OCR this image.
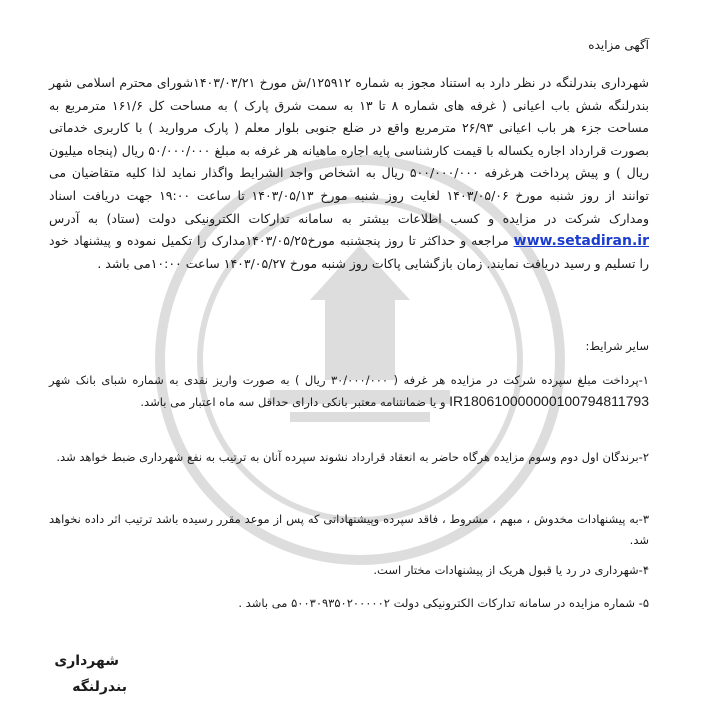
آگهی مزایده
شهرداری بندرلنگه در نظر دارد به استناد مجوز به شماره ۱۲۵۹۱۲/ش مورخ ۱۴۰۳/۰۳/۲۱شورای محترم اسلامی شهر بندرلنگه شش باب اعیانی ( غرفه های شماره ۸ تا ۱۳ به سمت شرق پارک ) به مساحت کل ۱۶۱/۶ مترمربع به مساحت جزء هر باب اعیانی ۲۶/۹۳ مترمربع واقع در ضلع جنوبی بلوار معلم ( پارک مروارید ) با کاربری خدماتی بصورت قرارداد اجاره یکساله با قیمت کارشناسی پایه اجاره ماهیانه هر غرفه به مبلغ ۵۰/۰۰۰/۰۰۰ ریال (پنجاه میلیون ریال ) و پیش پرداخت هرغرفه ۵۰۰/۰۰۰/۰۰۰ ریال به اشخاص واجد الشرایط واگذار نماید لذا کلیه متقاضیان می توانند از روز شنبه مورخ ۱۴۰۳/۰۵/۰۶ لغایت روز شنبه مورخ ۱۴۰۳/۰۵/۱۳ تا ساعت ۱۹:۰۰ جهت دریافت اسناد ومدارک شرکت در مزایده و کسب اطلاعات بیشتر به سامانه تدارکات الکترونیکی دولت (ستاد) به آدرس www.setadiran.ir مراجعه و حداکثر تا روز پنجشنبه مورخ۱۴۰۳/۰۵/۲۵مدارک را تکمیل نموده و پیشنهاد خود را تسلیم و رسید دریافت نمایند. زمان بازگشایی پاکات روز شنبه مورخ ۱۴۰۳/۰۵/۲۷ ساعت ۱۰:۰۰می باشد .
سایر شرایط:
۱-پرداخت مبلغ سپرده شرکت در مزایده هر غرفه ( ۳۰/۰۰۰/۰۰۰ ریال ) به صورت واریز نقدی به شماره شبای بانک شهر IR180610000000100794811793 و یا ضمانتنامه معتبر بانکی دارای حداقل سه ماه اعتبار می باشد.
۲-برندگان اول دوم وسوم مزایده هرگاه حاضر به انعقاد قرارداد نشوند سپرده آنان به ترتیب به نفع شهرداری ضبط خواهد شد.
۳-به پیشنهادات مخدوش ، مبهم ، مشروط ، فاقد سپرده وپیشنهاداتی که پس از موعد مقرر رسیده باشد ترتیب اثر داده نخواهد شد.
۴-شهرداری در رد یا قبول هریک از پیشنهادات مختار است.
۵- شماره مزایده در سامانه تدارکات الکترونیکی دولت ۵۰۰۳۰۹۳۵۰۲۰۰۰۰۰۲ می باشد .
شهرداری
بندرلنگه
